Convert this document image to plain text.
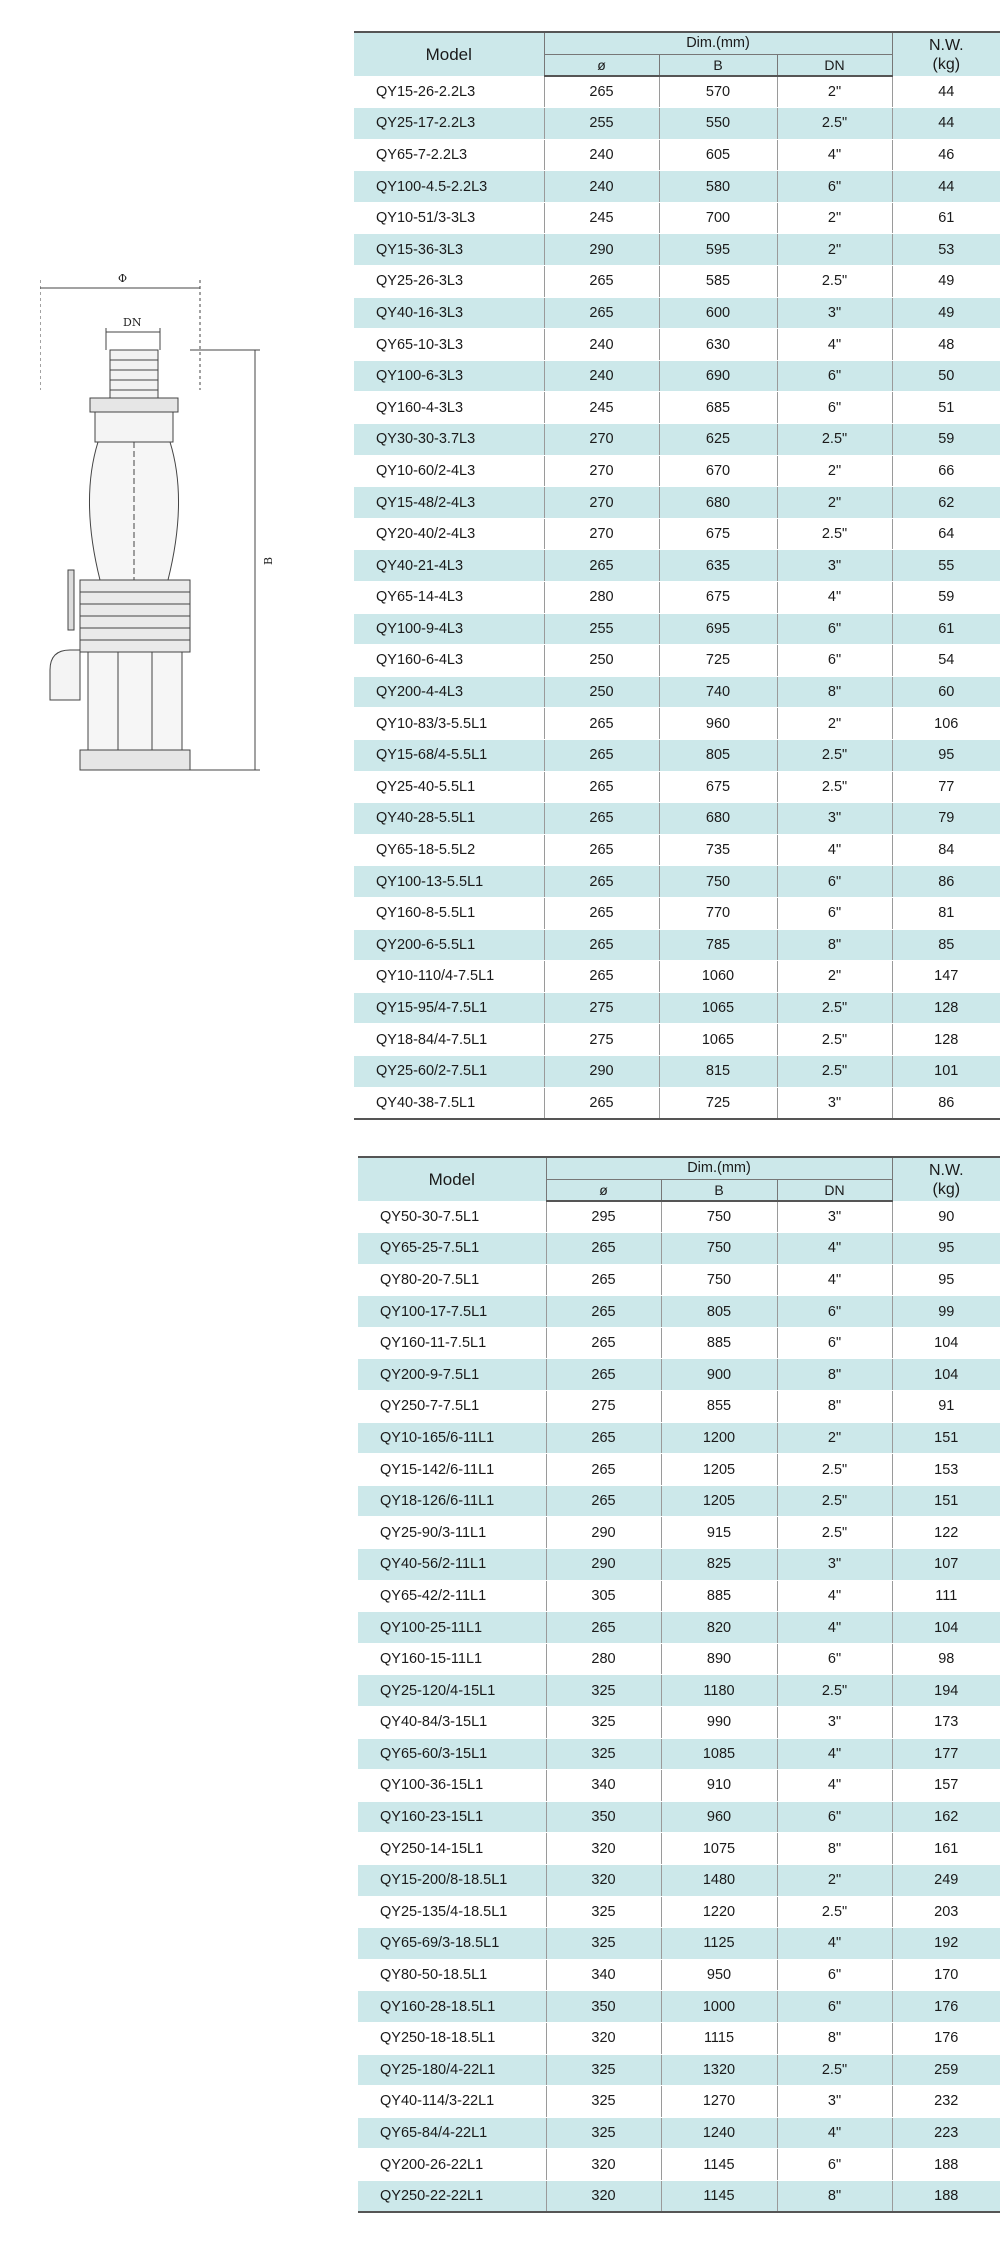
Φ
DN
B
Model	Dim.(mm)			N.W.
(kg)
	ø	B	DN	
QY15-26-2.2L3	265	570	2"	44
QY25-17-2.2L3	255	550	2.5"	44
QY65-7-2.2L3	240	605	4"	46
QY100-4.5-2.2L3	240	580	6"	44
QY10-51/3-3L3	245	700	2"	61
QY15-36-3L3	290	595	2"	53
QY25-26-3L3	265	585	2.5"	49
QY40-16-3L3	265	600	3"	49
QY65-10-3L3	240	630	4"	48
QY100-6-3L3	240	690	6"	50
QY160-4-3L3	245	685	6"	51
QY30-30-3.7L3	270	625	2.5"	59
QY10-60/2-4L3	270	670	2"	66
QY15-48/2-4L3	270	680	2"	62
QY20-40/2-4L3	270	675	2.5"	64
QY40-21-4L3	265	635	3"	55
QY65-14-4L3	280	675	4"	59
QY100-9-4L3	255	695	6"	61
QY160-6-4L3	250	725	6"	54
QY200-4-4L3	250	740	8"	60
QY10-83/3-5.5L1	265	960	2"	106
QY15-68/4-5.5L1	265	805	2.5"	95
QY25-40-5.5L1	265	675	2.5"	77
QY40-28-5.5L1	265	680	3"	79
QY65-18-5.5L2	265	735	4"	84
QY100-13-5.5L1	265	750	6"	86
QY160-8-5.5L1	265	770	6"	81
QY200-6-5.5L1	265	785	8"	85
QY10-110/4-7.5L1	265	1060	2"	147
QY15-95/4-7.5L1	275	1065	2.5"	128
QY18-84/4-7.5L1	275	1065	2.5"	128
QY25-60/2-7.5L1	290	815	2.5"	101
QY40-38-7.5L1	265	725	3"	86
Model	Dim.(mm)			N.W.
(kg)
	ø	B	DN	
QY50-30-7.5L1	295	750	3"	90
QY65-25-7.5L1	265	750	4"	95
QY80-20-7.5L1	265	750	4"	95
QY100-17-7.5L1	265	805	6"	99
QY160-11-7.5L1	265	885	6"	104
QY200-9-7.5L1	265	900	8"	104
QY250-7-7.5L1	275	855	8"	91
QY10-165/6-11L1	265	1200	2"	151
QY15-142/6-11L1	265	1205	2.5"	153
QY18-126/6-11L1	265	1205	2.5"	151
QY25-90/3-11L1	290	915	2.5"	122
QY40-56/2-11L1	290	825	3"	107
QY65-42/2-11L1	305	885	4"	111
QY100-25-11L1	265	820	4"	104
QY160-15-11L1	280	890	6"	98
QY25-120/4-15L1	325	1180	2.5"	194
QY40-84/3-15L1	325	990	3"	173
QY65-60/3-15L1	325	1085	4"	177
QY100-36-15L1	340	910	4"	157
QY160-23-15L1	350	960	6"	162
QY250-14-15L1	320	1075	8"	161
QY15-200/8-18.5L1	320	1480	2"	249
QY25-135/4-18.5L1	325	1220	2.5"	203
QY65-69/3-18.5L1	325	1125	4"	192
QY80-50-18.5L1	340	950	6"	170
QY160-28-18.5L1	350	1000	6"	176
QY250-18-18.5L1	320	1115	8"	176
QY25-180/4-22L1	325	1320	2.5"	259
QY40-114/3-22L1	325	1270	3"	232
QY65-84/4-22L1	325	1240	4"	223
QY200-26-22L1	320	1145	6"	188
QY250-22-22L1	320	1145	8"	188
